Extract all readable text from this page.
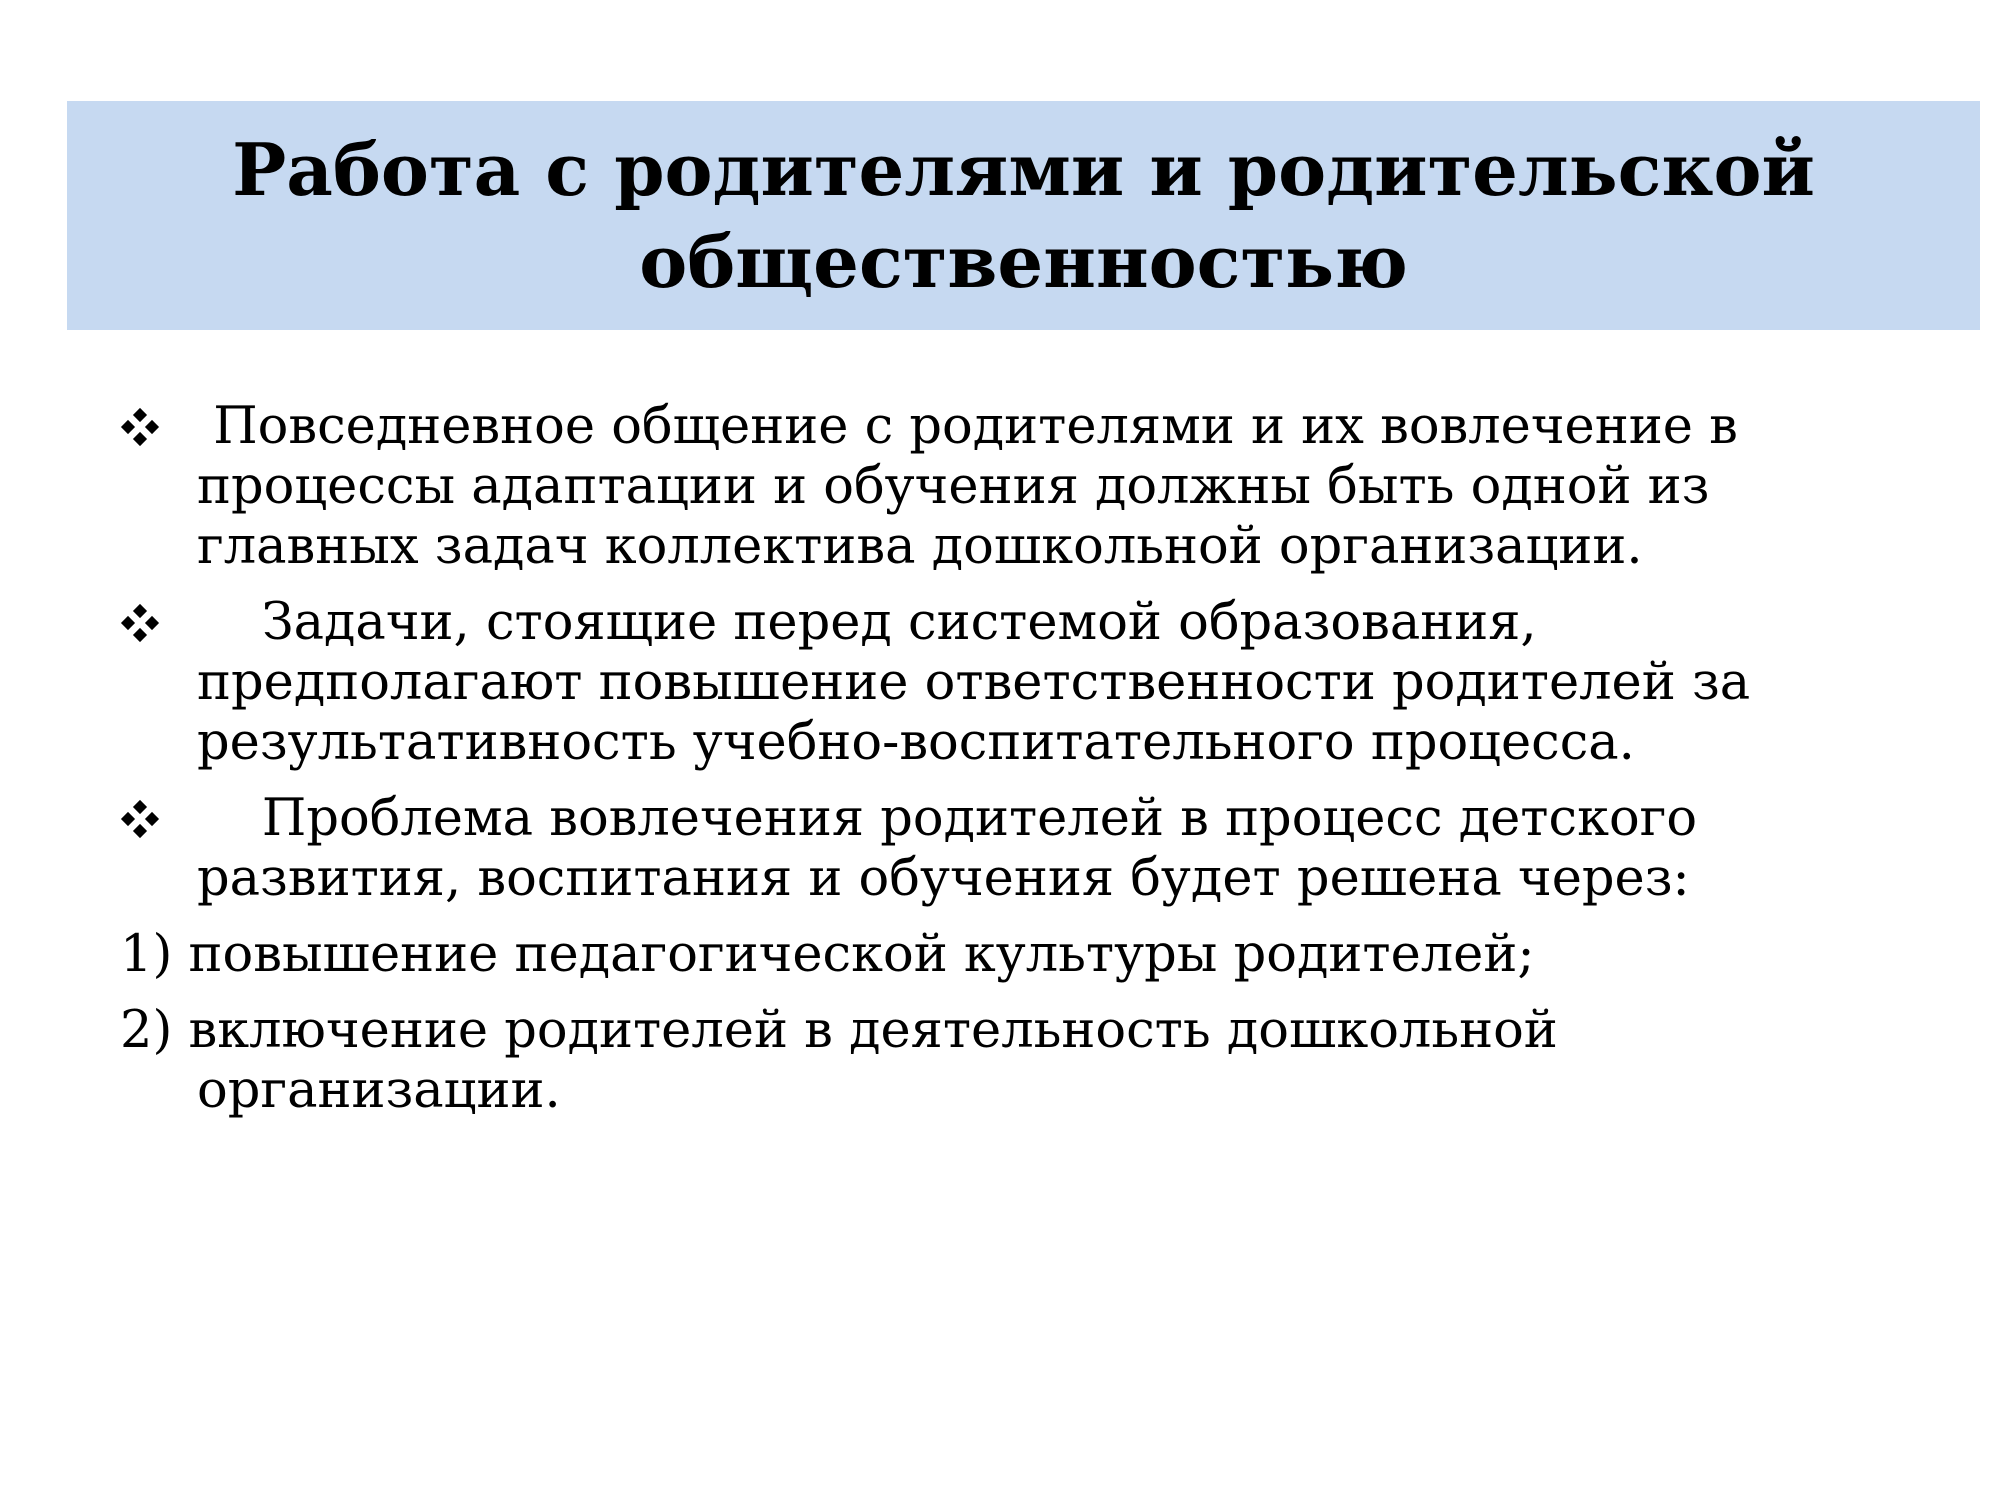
Работа с родителями и родительской
общественностью
Повседневное общение с родителями и их вовлечение в
процессы адаптации и обучения должны быть одной из
главных задач коллектива дошкольной организации.
Задачи, стоящие перед системой образования,
предполагают повышение ответственности родителей за
результативность учебно-воспитательного процесса.
Проблема вовлечения родителей в процесс детского
развития, воспитания и обучения будет решена через:
1) повышение педагогической культуры родителей;
2) включение родителей в деятельность дошкольной
организации.
